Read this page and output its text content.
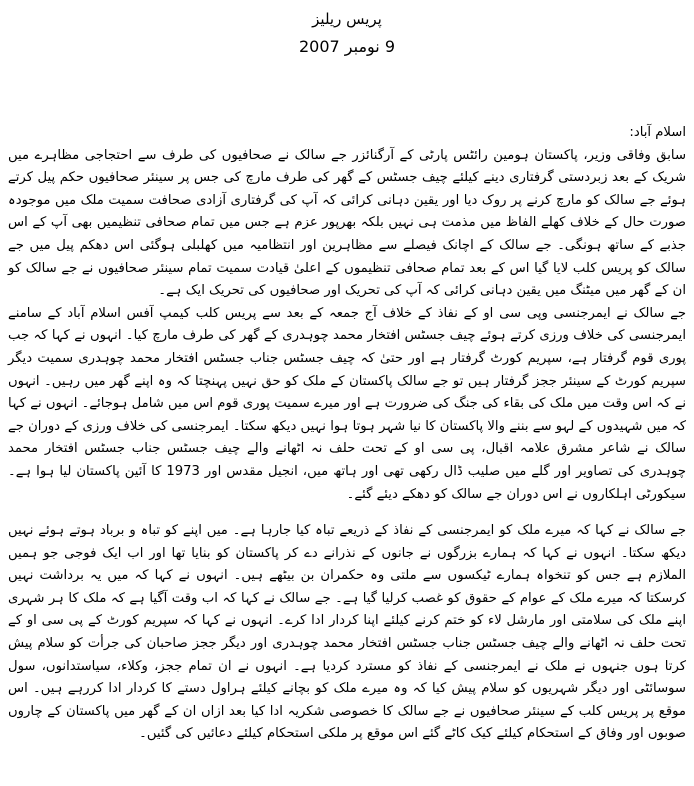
پریس ریلیز
9 نومبر 2007
اسلام آباد:

سابق وفاقی وزیر، پاکستان ہومین رائٹس پارٹی کے آرگنائزر جے سالک نے صحافیوں کی طرف سے احتجاجی مظاہرے میں شریک کے بعد زبردستی گرفتاری دینے کیلئے چیف جسٹس کے گھر کی طرف مارچ کی جس پر سینئر صحافیوں حکم پیل کرتے ہوئے جے سالک کو مارچ کرنے پر روک دیا اور یقین دہانی کرائی کہ آپ کی گرفتاری آزادی صحافت سمیت ملک میں موجودہ صورت حال کے خلاف کھلے الفاظ میں مذمت ہی نہیں بلکہ بھرپور عزم ہے جس میں تمام صحافی تنظیمیں بھی آپ کے اس جذبے کے ساتھ ہونگی۔ جے سالک کے اچانک فیصلے سے مظاہرین اور انتظامیہ میں کھلبلی ہوگئی اس دھکم پیل میں جے سالک کو پریس کلب لایا گیا اس کے بعد تمام صحافی تنظیموں کے اعلیٰ قیادت سمیت تمام سینئر صحافیوں نے جے سالک کو ان کے گھر میں میٹنگ میں یقین دہانی کرائی کہ آپ کی تحریک اور صحافیوں کی تحریک ایک ہے۔

جے سالک نے ایمرجنسی وپی سی او کے نفاذ کے خلاف آج جمعہ کے بعد سے پریس کلب کیمپ آفس اسلام آباد کے سامنے ایمرجنسی کی خلاف ورزی کرتے ہوئے چیف جسٹس افتخار محمد چوہدری کے گھر کی طرف مارچ کیا۔ انہوں نے کہا کہ جب پوری قوم گرفتار ہے، سپریم کورٹ گرفتار ہے اور حتیٰ کہ چیف جسٹس جناب جسٹس افتخار محمد چوہدری سمیت دیگر سپریم کورٹ کے سینئر ججز گرفتار ہیں تو جے سالک پاکستان کے ملک کو حق نہیں پہنچتا کہ وہ اپنے گھر میں رہیں۔ انہوں نے کہ اس وقت میں ملک کی بقاء کی جنگ کی ضرورت ہے اور میرے سمیت پوری قوم اس میں شامل ہوجائے۔ انہوں نے کہا کہ میں شہیدوں کے لہو سے بننے والا پاکستان کا نیا شہر ہوتا ہوا نہیں دیکھ سکتا۔ ایمرجنسی کی خلاف ورزی کے دوران جے سالک نے شاعر مشرق علامہ اقبال، پی سی او کے تحت حلف نہ اٹھانے والے چیف جسٹس جناب جسٹس افتخار محمد چوہدری کی تصاویر اور گلے میں صلیب ڈال رکھی تھی اور ہاتھ میں، انجیل مقدس اور 1973 کا آئین پاکستان لیا ہوا ہے۔ سیکورٹی اہلکاروں نے اس دوران جے سالک کو دھکے دیئے گئے۔

جے سالک نے کہا کہ میرے ملک کو ایمرجنسی کے نفاذ کے ذریعے تباہ کیا جارہا ہے۔ میں اپنے کو تباہ و برباد ہوتے ہوئے نہیں دیکھ سکتا۔ انہوں نے کہا کہ ہمارے بزرگوں نے جانوں کے نذرانے دے کر پاکستان کو بنایا تھا اور اب ایک فوجی جو ہمیں الملازم ہے جس کو تنخواہ ہمارے ٹیکسوں سے ملتی وہ حکمران بن بیٹھے ہیں۔ انہوں نے کہا کہ میں یہ برداشت نہیں کرسکتا کہ میرے ملک کے عوام کے حقوق کو غصب کرلیا گیا ہے۔ جے سالک نے کہا کہ اب وقت آگیا ہے کہ ملک کا ہر شہری اپنے ملک کی سلامتی اور مارشل لاء کو ختم کرنے کیلئے اپنا کردار ادا کرے۔ انہوں نے کہا کہ سپریم کورٹ کے پی سی او کے تحت حلف نہ اٹھانے والے چیف جسٹس جناب جسٹس افتخار محمد چوہدری اور دیگر ججز صاحبان کی جرأت کو سلام پیش کرتا ہوں جنہوں نے ملک نے ایمرجنسی کے نفاذ کو مسترد کردیا ہے۔ انہوں نے ان تمام ججز، وکلاء، سیاستدانوں، سول سوسائٹی اور دیگر شہریوں کو سلام پیش کیا کہ وہ میرے ملک کو بچانے کیلئے ہراول دستے کا کردار ادا کررہے ہیں۔ اس موقع پر پریس کلب کے سینئر صحافیوں نے جے سالک کا خصوصی شکریہ ادا کیا بعد ازاں ان کے گھر میں پاکستان کے چاروں صوبوں اور وفاق کے استحکام کیلئے کیک کاٹے گئے اس موقع پر ملکی استحکام کیلئے دعائیں کی گئیں۔
